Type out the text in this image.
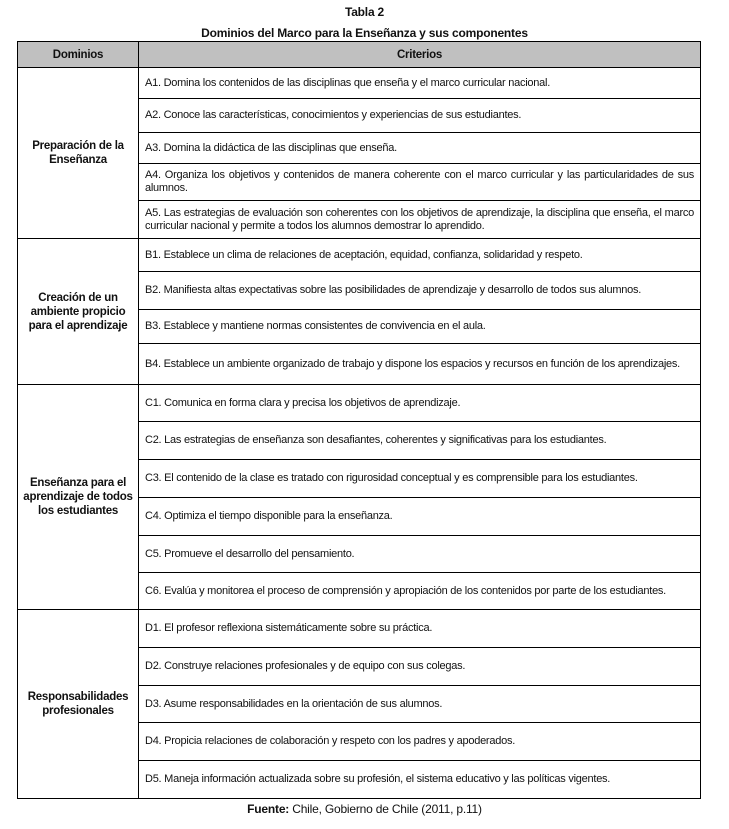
Tabla 2
Dominios del Marco para la Enseñanza y sus componentes
Dominios	Criterios
Preparación de la Enseñanza	A1. Domina los contenidos de las disciplinas que enseña y el marco curricular nacional.
	A2. Conoce las características, conocimientos y experiencias de sus estudiantes.
	A3. Domina la didáctica de las disciplinas que enseña.
	A4. Organiza los objetivos y contenidos de manera coherente con el marco curricular y las particularidades de sus alumnos.
	A5. Las estrategias de evaluación son coherentes con los objetivos de aprendizaje, la disciplina que enseña, el marco curricular nacional y permite a todos los alumnos demostrar lo aprendido.
Creación de un ambiente propicio para el aprendizaje	B1. Establece un clima de relaciones de aceptación, equidad, confianza, solidaridad y respeto.
	B2. Manifiesta altas expectativas sobre las posibilidades de aprendizaje y desarrollo de todos sus alumnos.
	B3. Establece y mantiene normas consistentes de convivencia en el aula.
	B4. Establece un ambiente organizado de trabajo y dispone los espacios y recursos en función de los aprendizajes.
Enseñanza para el aprendizaje de todos los estudiantes	C1. Comunica en forma clara y precisa los objetivos de aprendizaje.
	C2. Las estrategias de enseñanza son desafiantes, coherentes y significativas para los estudiantes.
	C3. El contenido de la clase es tratado con rigurosidad conceptual y es comprensible para los estudiantes.
	C4. Optimiza el tiempo disponible para la enseñanza.
	C5. Promueve el desarrollo del pensamiento.
	C6. Evalúa y monitorea el proceso de comprensión y apropiación de los contenidos por parte de los estudiantes.
Responsabilidades profesionales	D1. El profesor reflexiona sistemáticamente sobre su práctica.
	D2. Construye relaciones profesionales y de equipo con sus colegas.
	D3. Asume responsabilidades en la orientación de sus alumnos.
	D4. Propicia relaciones de colaboración y respeto con los padres y apoderados.
	D5. Maneja información actualizada sobre su profesión, el sistema educativo y las políticas vigentes.
Fuente: Chile, Gobierno de Chile (2011, p.11)
